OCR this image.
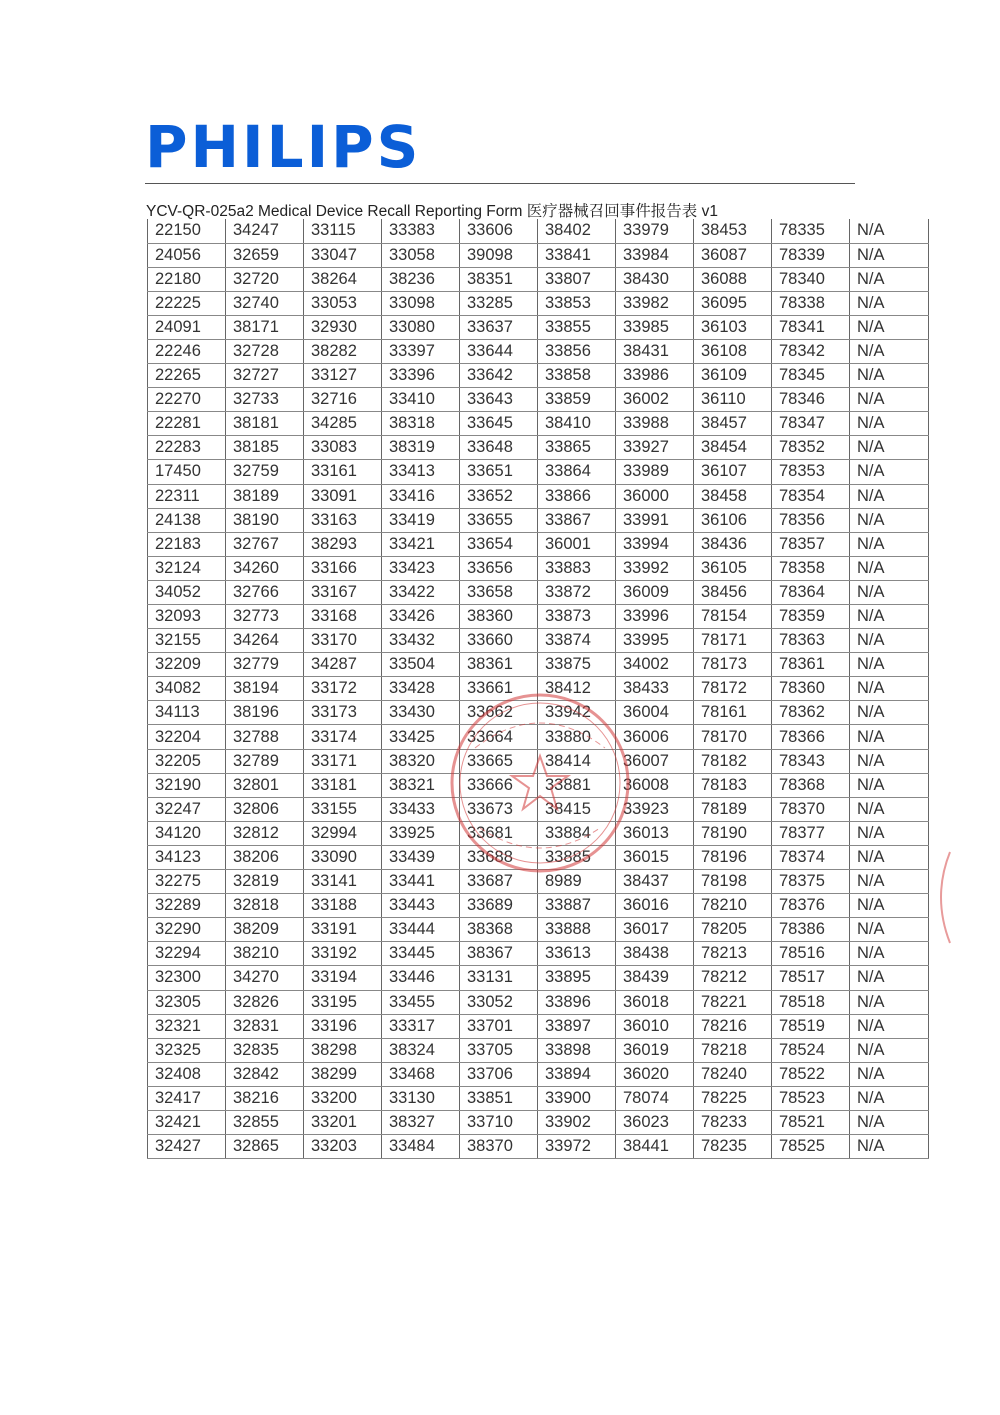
PHILIPS
YCV-QR-025a2 Medical Device Recall Reporting Form 医疗器械召回事件报告表 v1
22150	34247	33115	33383	33606	38402	33979	38453	78335	N/A
24056	32659	33047	33058	39098	33841	33984	36087	78339	N/A
22180	32720	38264	38236	38351	33807	38430	36088	78340	N/A
22225	32740	33053	33098	33285	33853	33982	36095	78338	N/A
24091	38171	32930	33080	33637	33855	33985	36103	78341	N/A
22246	32728	38282	33397	33644	33856	38431	36108	78342	N/A
22265	32727	33127	33396	33642	33858	33986	36109	78345	N/A
22270	32733	32716	33410	33643	33859	36002	36110	78346	N/A
22281	38181	34285	38318	33645	38410	33988	38457	78347	N/A
22283	38185	33083	38319	33648	33865	33927	38454	78352	N/A
17450	32759	33161	33413	33651	33864	33989	36107	78353	N/A
22311	38189	33091	33416	33652	33866	36000	38458	78354	N/A
24138	38190	33163	33419	33655	33867	33991	36106	78356	N/A
22183	32767	38293	33421	33654	36001	33994	38436	78357	N/A
32124	34260	33166	33423	33656	33883	33992	36105	78358	N/A
34052	32766	33167	33422	33658	33872	36009	38456	78364	N/A
32093	32773	33168	33426	38360	33873	33996	78154	78359	N/A
32155	34264	33170	33432	33660	33874	33995	78171	78363	N/A
32209	32779	34287	33504	38361	33875	34002	78173	78361	N/A
34082	38194	33172	33428	33661	38412	38433	78172	78360	N/A
34113	38196	33173	33430	33662	33942	36004	78161	78362	N/A
32204	32788	33174	33425	33664	33880	36006	78170	78366	N/A
32205	32789	33171	38320	33665	38414	36007	78182	78343	N/A
32190	32801	33181	38321	33666	33881	36008	78183	78368	N/A
32247	32806	33155	33433	33673	38415	33923	78189	78370	N/A
34120	32812	32994	33925	33681	33884	36013	78190	78377	N/A
34123	38206	33090	33439	33688	33885	36015	78196	78374	N/A
32275	32819	33141	33441	33687	8989	38437	78198	78375	N/A
32289	32818	33188	33443	33689	33887	36016	78210	78376	N/A
32290	38209	33191	33444	38368	33888	36017	78205	78386	N/A
32294	38210	33192	33445	38367	33613	38438	78213	78516	N/A
32300	34270	33194	33446	33131	33895	38439	78212	78517	N/A
32305	32826	33195	33455	33052	33896	36018	78221	78518	N/A
32321	32831	33196	33317	33701	33897	36010	78216	78519	N/A
32325	32835	38298	38324	33705	33898	36019	78218	78524	N/A
32408	32842	38299	33468	33706	33894	36020	78240	78522	N/A
32417	38216	33200	33130	33851	33900	78074	78225	78523	N/A
32421	32855	33201	38327	33710	33902	36023	78233	78521	N/A
32427	32865	33203	33484	38370	33972	38441	78235	78525	N/A
